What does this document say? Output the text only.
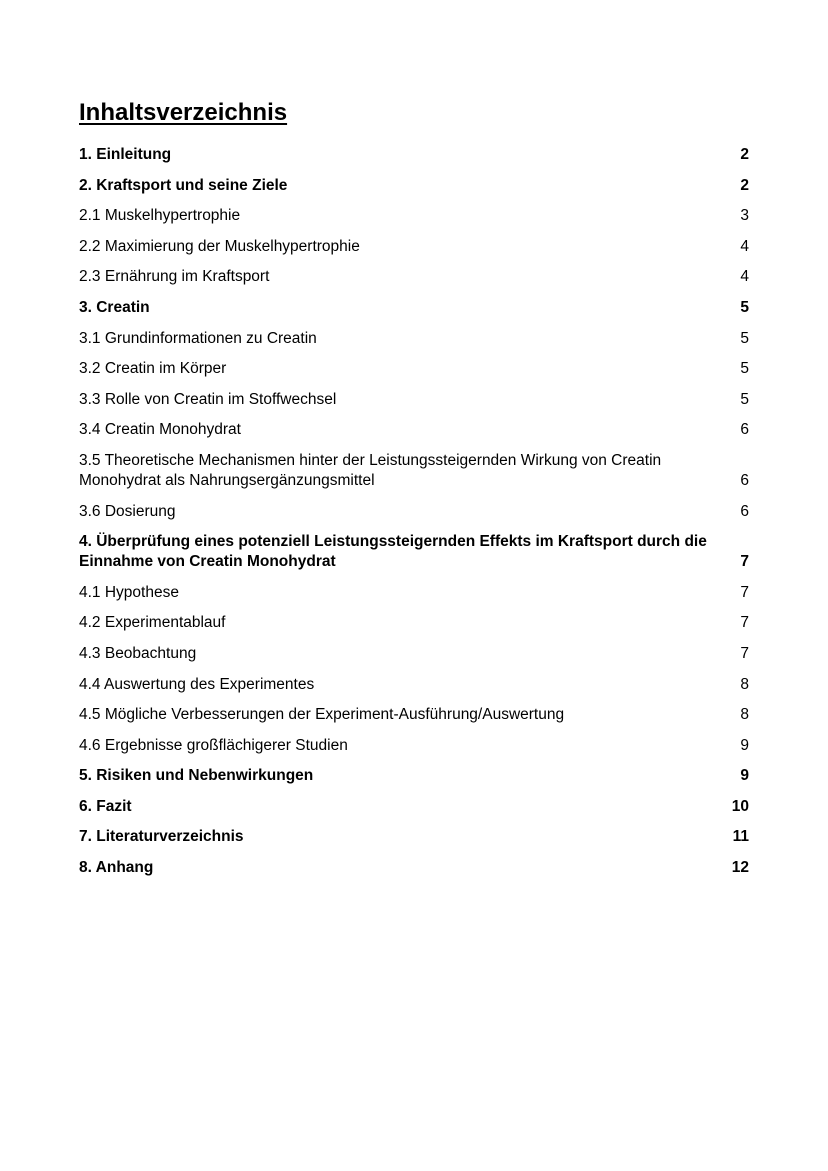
Inhaltsverzeichnis
1. Einleitung	2
2. Kraftsport und seine Ziele	2
2.1 Muskelhypertrophie	3
2.2 Maximierung der Muskelhypertrophie	4
2.3 Ernährung im Kraftsport	4
3. Creatin	5
3.1 Grundinformationen zu Creatin	5
3.2 Creatin im Körper	5
3.3 Rolle von Creatin im Stoffwechsel	5
3.4 Creatin Monohydrat	6
3.5 Theoretische Mechanismen hinter der Leistungssteigernden Wirkung von Creatin Monohydrat als Nahrungsergänzungsmittel	6
3.6 Dosierung	6
4. Überprüfung eines potenziell Leistungssteigernden Effekts im Kraftsport durch die Einnahme von Creatin Monohydrat	7
4.1 Hypothese	7
4.2 Experimentablauf	7
4.3 Beobachtung	7
4.4 Auswertung des Experimentes	8
4.5 Mögliche Verbesserungen der Experiment-Ausführung/Auswertung	8
4.6 Ergebnisse großflächigerer Studien	9
5. Risiken und Nebenwirkungen	9
6. Fazit	10
7. Literaturverzeichnis	11
8. Anhang	12
